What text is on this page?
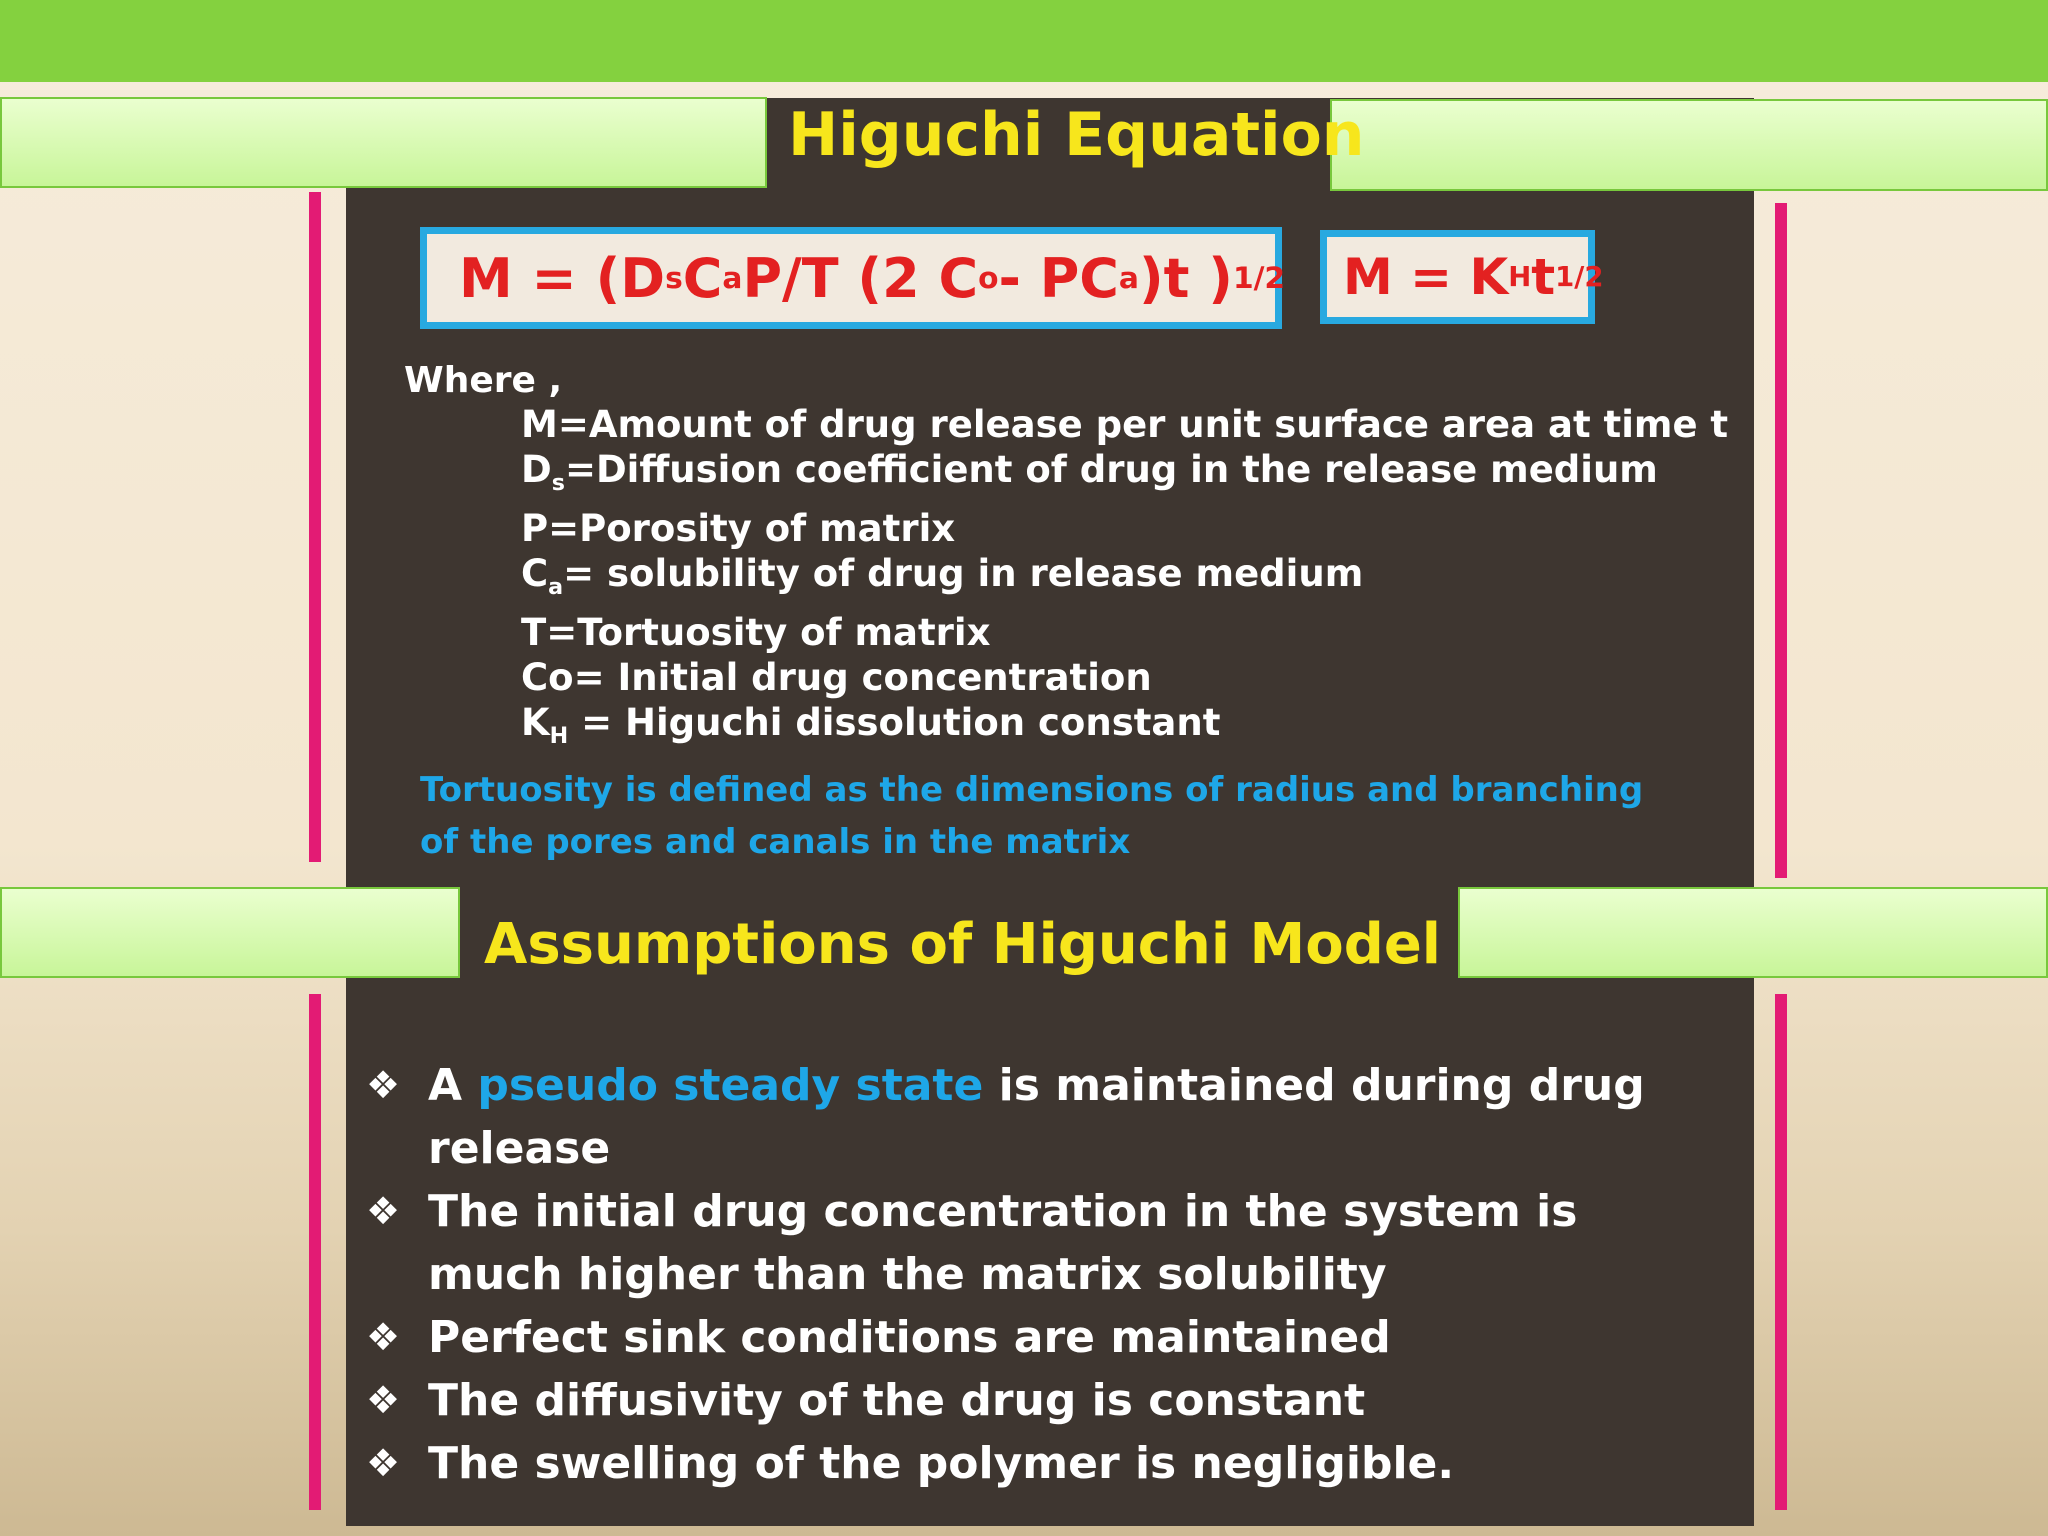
Higuchi Equation
M = (D s C a P/T (2 C o - PC a )t ) 1/2 M = K H t 1/2
Where ,
M=Amount of drug release per unit surface area at time t
$D_s=Diffusion$ coefficient of drug in the release medium
P=Porosity of matrix
$C_a=$ solubility of drug in release medium
T=Tortuosity of matrix
Co= Initial drug concentration
$K_H$ = Higuchi dissolution constant
Tortuosity is defined as the dimensions of radius and branching of the pores and canals in the matrix
Assumptions of Higuchi Model
❖ A pseudo steady state is maintained during drug release
❖ The initial drug concentration in the system is much higher than the matrix solubility
❖ Perfect sink conditions are maintained
❖ The diffusivity of the drug is constant
❖ The swelling of the polymer is negligible.
